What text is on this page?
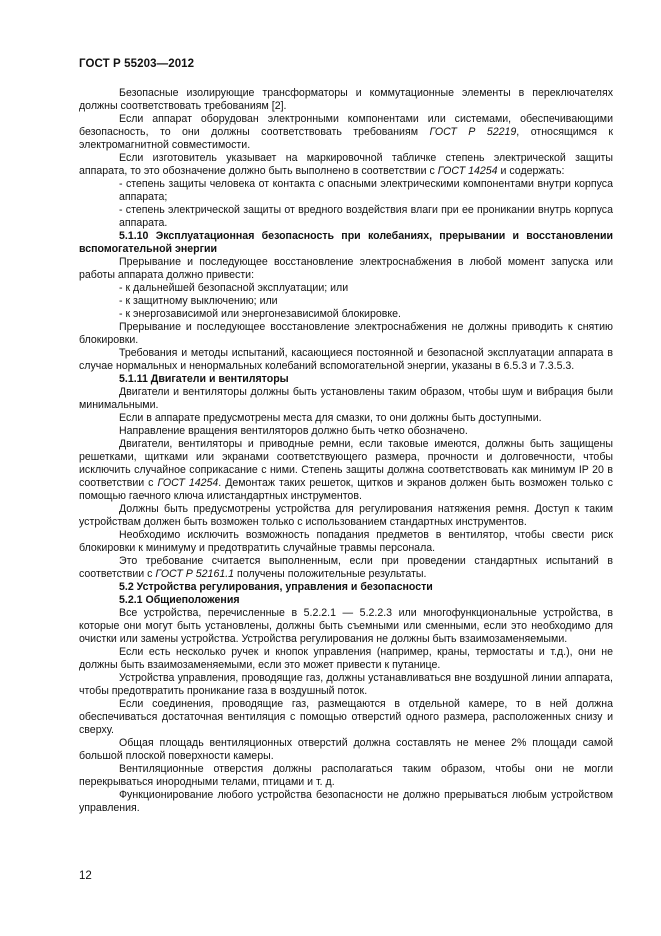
ГОСТ Р 55203—2012

Безопасные изолирующие трансформаторы и коммутационные элементы в переключателях должны соответствовать требованиям [2].

Если аппарат оборудован электронными компонентами или системами, обеспечивающими безопасность, то они должны соответствовать требованиям ГОСТ Р 52219, относящимся к электромагнитной совместимости.

Если изготовитель указывает на маркировочной табличке степень электрической защиты аппарата, то это обозначение должно быть выполнено в соответствии с ГОСТ 14254 и содержать:

- степень защиты человека от контакта с опасными электрическими компонентами внутри корпуса аппарата;

- степень электрической защиты от вредного воздействия влаги при ее проникании внутрь корпуса аппарата.

5.1.10 Эксплуатационная безопасность при колебаниях, прерывании и восстановлении вспомогательной энергии

Прерывание и последующее восстановление электроснабжения в любой момент запуска или работы аппарата должно привести:

- к дальнейшей безопасной эксплуатации; или

- к защитному выключению; или

- к энергозависимой или энергонезависимой блокировке.

Прерывание и последующее восстановление электроснабжения не должны приводить к снятию блокировки.

Требования и методы испытаний, касающиеся постоянной и безопасной эксплуатации аппарата в случае нормальных и ненормальных колебаний вспомогательной энергии, указаны в 6.5.3 и 7.3.5.3.

5.1.11 Двигатели и вентиляторы

Двигатели и вентиляторы должны быть установлены таким образом, чтобы шум и вибрация были минимальными.

Если в аппарате предусмотрены места для смазки, то они должны быть доступными.

Направление вращения вентиляторов должно быть четко обозначено.

Двигатели, вентиляторы и приводные ремни, если таковые имеются, должны быть защищены решетками, щитками или экранами соответствующего размера, прочности и долговечности, чтобы исключить случайное соприкасание с ними. Степень защиты должна соответствовать как минимум IP 20 в соответствии с ГОСТ 14254. Демонтаж таких решеток, щитков и экранов должен быть возможен только с помощью гаечного ключа илистандартных инструментов.

Должны быть предусмотрены устройства для регулирования натяжения ремня. Доступ к таким устройствам должен быть возможен только с использованием стандартных инструментов.

Необходимо исключить возможность попадания предметов в вентилятор, чтобы свести риск блокировки к минимуму и предотвратить случайные травмы персонала.

Это требование считается выполненным, если при проведении стандартных испытаний в соответствии с ГОСТ Р 52161.1 получены положительные результаты.

5.2 Устройства регулирования, управления и безопасности

5.2.1 Общиеположения

Все устройства, перечисленные в 5.2.2.1 — 5.2.2.3 или многофункциональные устройства, в которые они могут быть установлены, должны быть съемными или сменными, если это необходимо для очистки или замены устройства. Устройства регулирования не должны быть взаимозаменяемыми.

Если есть несколько ручек и кнопок управления (например, краны, термостаты и т.д.), они не должны быть взаимозаменяемыми, если это может привести к путанице.

Устройства управления, проводящие газ, должны устанавливаться вне воздушной линии аппарата, чтобы предотвратить проникание газа в воздушный поток.

Если соединения, проводящие газ, размещаются в отдельной камере, то в ней должна обеспечиваться достаточная вентиляция с помощью отверстий одного размера, расположенных снизу и сверху.

Общая площадь вентиляционных отверстий должна составлять не менее 2% площади самой большой плоской поверхности камеры.

Вентиляционные отверстия должны располагаться таким образом, чтобы они не могли перекрываться инородными телами, птицами и т. д.

Функционирование любого устройства безопасности не должно прерываться любым устройством управления.

12
